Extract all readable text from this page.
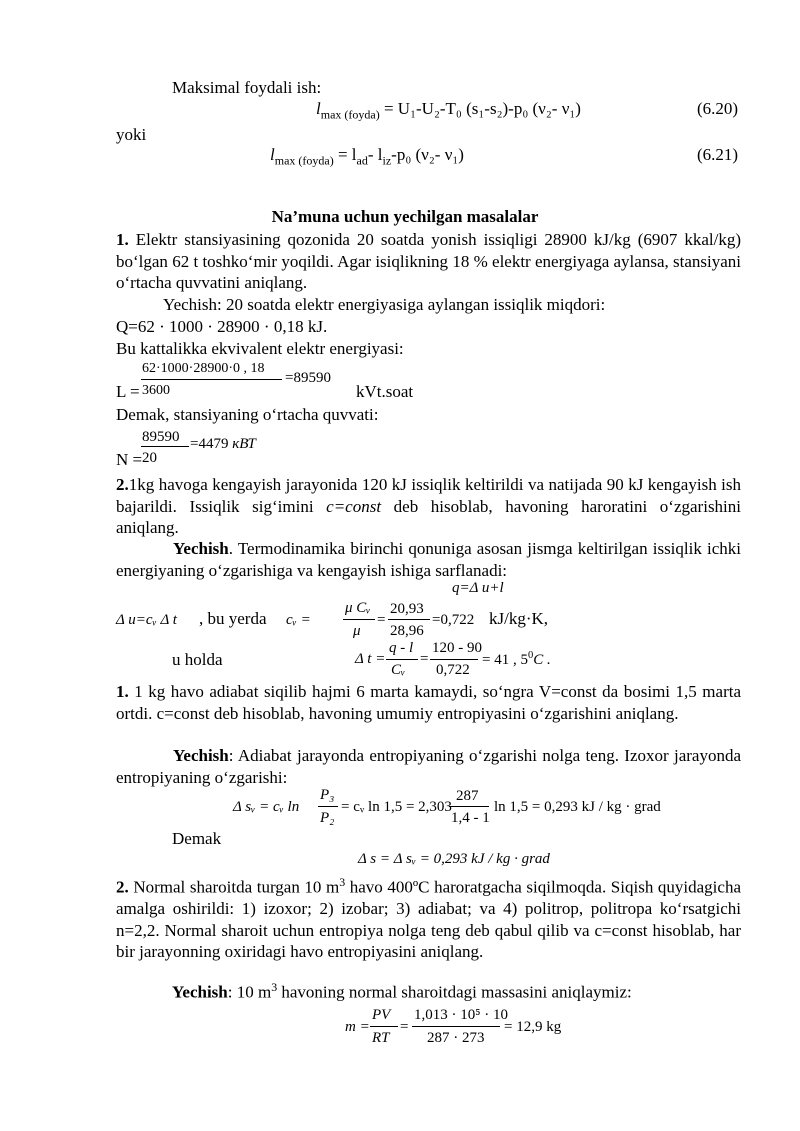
Maksimal foydali ish:
$l_{max (foyda)} = U_1-U_2-T_0$ (s₁-s₂)-p₀ (ν₂- ν₁)	(6.20)
yoki
$l_{max (foyda)} = l_{ad}-$ $l_{iz}-p_0$ (ν₂- ν₁)	(6.21)
Na’muna uchun yechilgan masalalar
1. Elektr stansiyasining qozonida 20 soatda yonish issiqligi 28900 kJ/kg (6907 kkal/kg) bo‘lgan 62 t toshko‘mir yoqildi. Agar isiqlikning 18 % elektr energiyaga aylansa, stansiyani o‘rtacha quvvatini aniqlang.
Yechish: 20 soatda elektr energiyasiga aylangan issiqlik miqdori:
Q=62 · 1000 · 28900 · 0,18 kJ.
Bu kattalikka ekvivalent elektr energiyasi:
62·1000·28900·0 , 18
L = 3600
=89590
kVt.soat
Demak, stansiyaning o‘rtacha quvvati:
89590
N = 20
=4479 кВТ
2.1kg havoga kengayish jarayonida 120 kJ issiqlik keltirildi va natijada 90 kJ kengayish ish bajarildi. Issiqlik sig‘imini c=const deb hisoblab, havoning haroratini o‘zgarishini aniqlang.
Yechish. Termodinamika birinchi qonuniga asosan jismga keltirilgan issiqlik ichki energiyaning o‘zgarishiga va kengayish ishiga sarflanadi:
q=Δ u+l
Δ u=cᵥ Δ t , bu yerda cᵥ =
μ Cᵥ
μ
=
20,93
28,96
=0,722 kJ/kg·K,
u holda	Δ t =
q - l
Cᵥ
=
120 - 90
0,722
= 41 , $5^0C$ .
1. 1 kg havo adiabat siqilib hajmi 6 marta kamaydi, so‘ngra V=const da bosimi 1,5 marta ortdi. c=const deb hisoblab, havoning umumiy entropiyasini o‘zgarishini aniqlang.
Yechish: Adiabat jarayonda entropiyaning o‘zgarishi nolga teng. Izoxor jarayonda entropiyaning o‘zgarishi:
Δ sᵥ = cᵥ ln
P₃
P₂
= cᵥ ln 1,5 = 2,303
287
1,4 - 1
ln 1,5 = 0,293 kJ / kg · grad
Demak
Δ s = Δ sᵥ = 0,293 kJ / kg · grad
2. Normal sharoitda turgan 10 $m^3$ havo 400ºC haroratgacha siqilmoqda. Siqish quyidagicha amalga oshirildi: 1) izoxor; 2) izobar; 3) adiabat; va 4) politrop, politropa ko‘rsatgichi n=2,2. Normal sharoit uchun entropiya nolga teng deb qabul qilib va c=const hisoblab, har bir jarayonning oxiridagi havo entropiyasini aniqlang.
Yechish: 10 $m^3$ havoning normal sharoitdagi massasini aniqlaymiz:
m =
PV
RT
=
1,013 · 10⁵ · 10
287 · 273
= 12,9 kg
